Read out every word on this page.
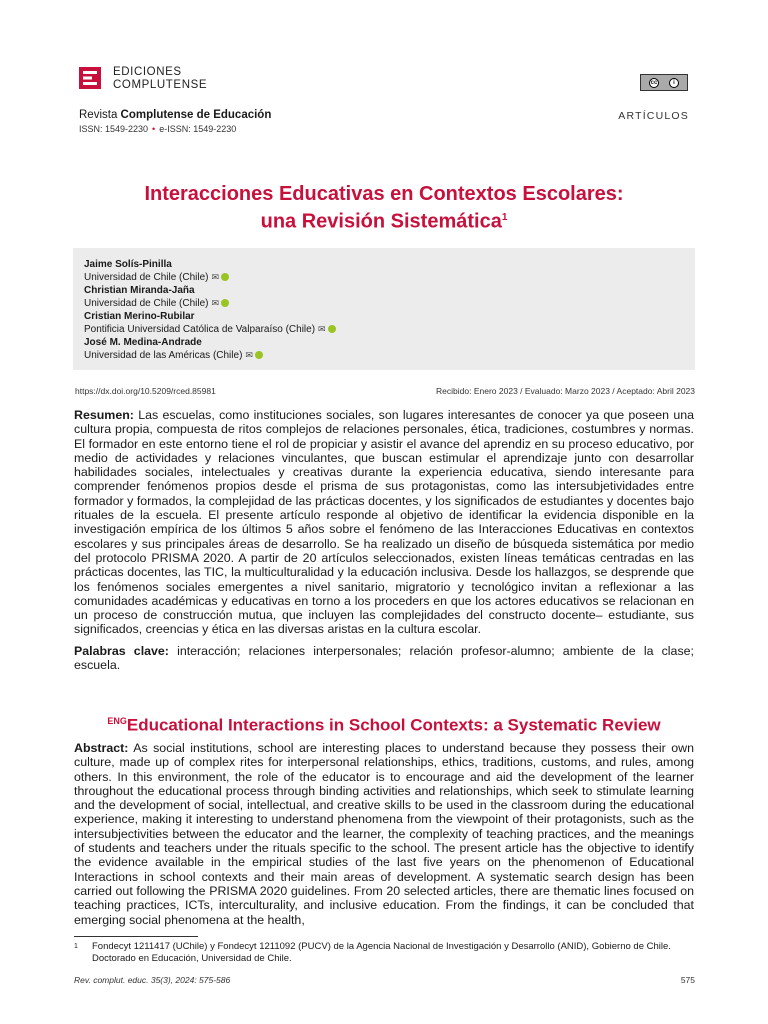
EDICIONES
COMPLUTENSE	cc	i
Revista Complutense de Educación
ISSN: 1549-2230 • e-ISSN: 1549-2230
ARTÍCULOS
Interacciones Educativas en Contextos Escolares:
una Revisión Sistemática$^1$
Jaime Solís-Pinilla
Universidad de Chile (Chile) ✉
Christian Miranda-Jaña
Universidad de Chile (Chile) ✉
Cristian Merino-Rubilar
Pontificia Universidad Católica de Valparaíso (Chile) ✉
José M. Medina-Andrade
Universidad de las Américas (Chile) ✉
https://dx.doi.org/10.5209/rced.85981	Recibido: Enero 2023 / Evaluado: Marzo 2023 / Aceptado: Abril 2023
Resumen: Las escuelas, como instituciones sociales, son lugares interesantes de conocer ya que poseen una cultura propia, compuesta de ritos complejos de relaciones personales, ética, tradiciones, costumbres y normas. El formador en este entorno tiene el rol de propiciar y asistir el avance del aprendiz en su proceso educativo, por medio de actividades y relaciones vinculantes, que buscan estimular el aprendizaje junto con desarrollar habilidades sociales, intelectuales y creativas durante la experiencia educativa, siendo interesante para comprender fenómenos propios desde el prisma de sus protagonistas, como las intersubjetividades entre formador y formados, la complejidad de las prácticas docentes, y los significados de estudiantes y docentes bajo rituales de la escuela. El presente artículo responde al objetivo de identificar la evidencia disponible en la investigación empírica de los últimos 5 años sobre el fenómeno de las Interacciones Educativas en contextos escolares y sus principales áreas de desarrollo. Se ha realizado un diseño de búsqueda sistemática por medio del protocolo PRISMA 2020. A partir de 20 artículos seleccionados, existen líneas temáticas centradas en las prácticas docentes, las TIC, la multiculturalidad y la educación inclusiva. Desde los hallazgos, se desprende que los fenómenos sociales emergentes a nivel sanitario, migratorio y tecnológico invitan a reflexionar a las comunidades académicas y educativas en torno a los proceders en que los actores educativos se relacionan en un proceso de construcción mutua, que incluyen las complejidades del constructo docente– estudiante, sus significados, creencias y ética en las diversas aristas en la cultura escolar.
Palabras clave: interacción; relaciones interpersonales; relación profesor-alumno; ambiente de la clase; escuela.
$^{ENG}$Educational Interactions in School Contexts: a Systematic Review
Abstract: As social institutions, school are interesting places to understand because they possess their own culture, made up of complex rites for interpersonal relationships, ethics, traditions, customs, and rules, among others. In this environment, the role of the educator is to encourage and aid the development of the learner throughout the educational process through binding activities and relationships, which seek to stimulate learning and the development of social, intellectual, and creative skills to be used in the classroom during the educational experience, making it interesting to understand phenomena from the viewpoint of their protagonists, such as the intersubjectivities between the educator and the learner, the complexity of teaching practices, and the meanings of students and teachers under the rituals specific to the school. The present article has the objective to identify the evidence available in the empirical studies of the last five years on the phenomenon of Educational Interactions in school contexts and their main areas of development. A systematic search design has been carried out following the PRISMA 2020 guidelines. From 20 selected articles, there are thematic lines focused on teaching practices, ICTs, interculturality, and inclusive education. From the findings, it can be concluded that emerging social phenomena at the health,
1 Fondecyt 1211417 (UChile) y Fondecyt 1211092 (PUCV) de la Agencia Nacional de Investigación y Desarrollo (ANID), Gobierno de Chile. Doctorado en Educación, Universidad de Chile.
Rev. complut. educ. 35(3), 2024: 575-586	575
